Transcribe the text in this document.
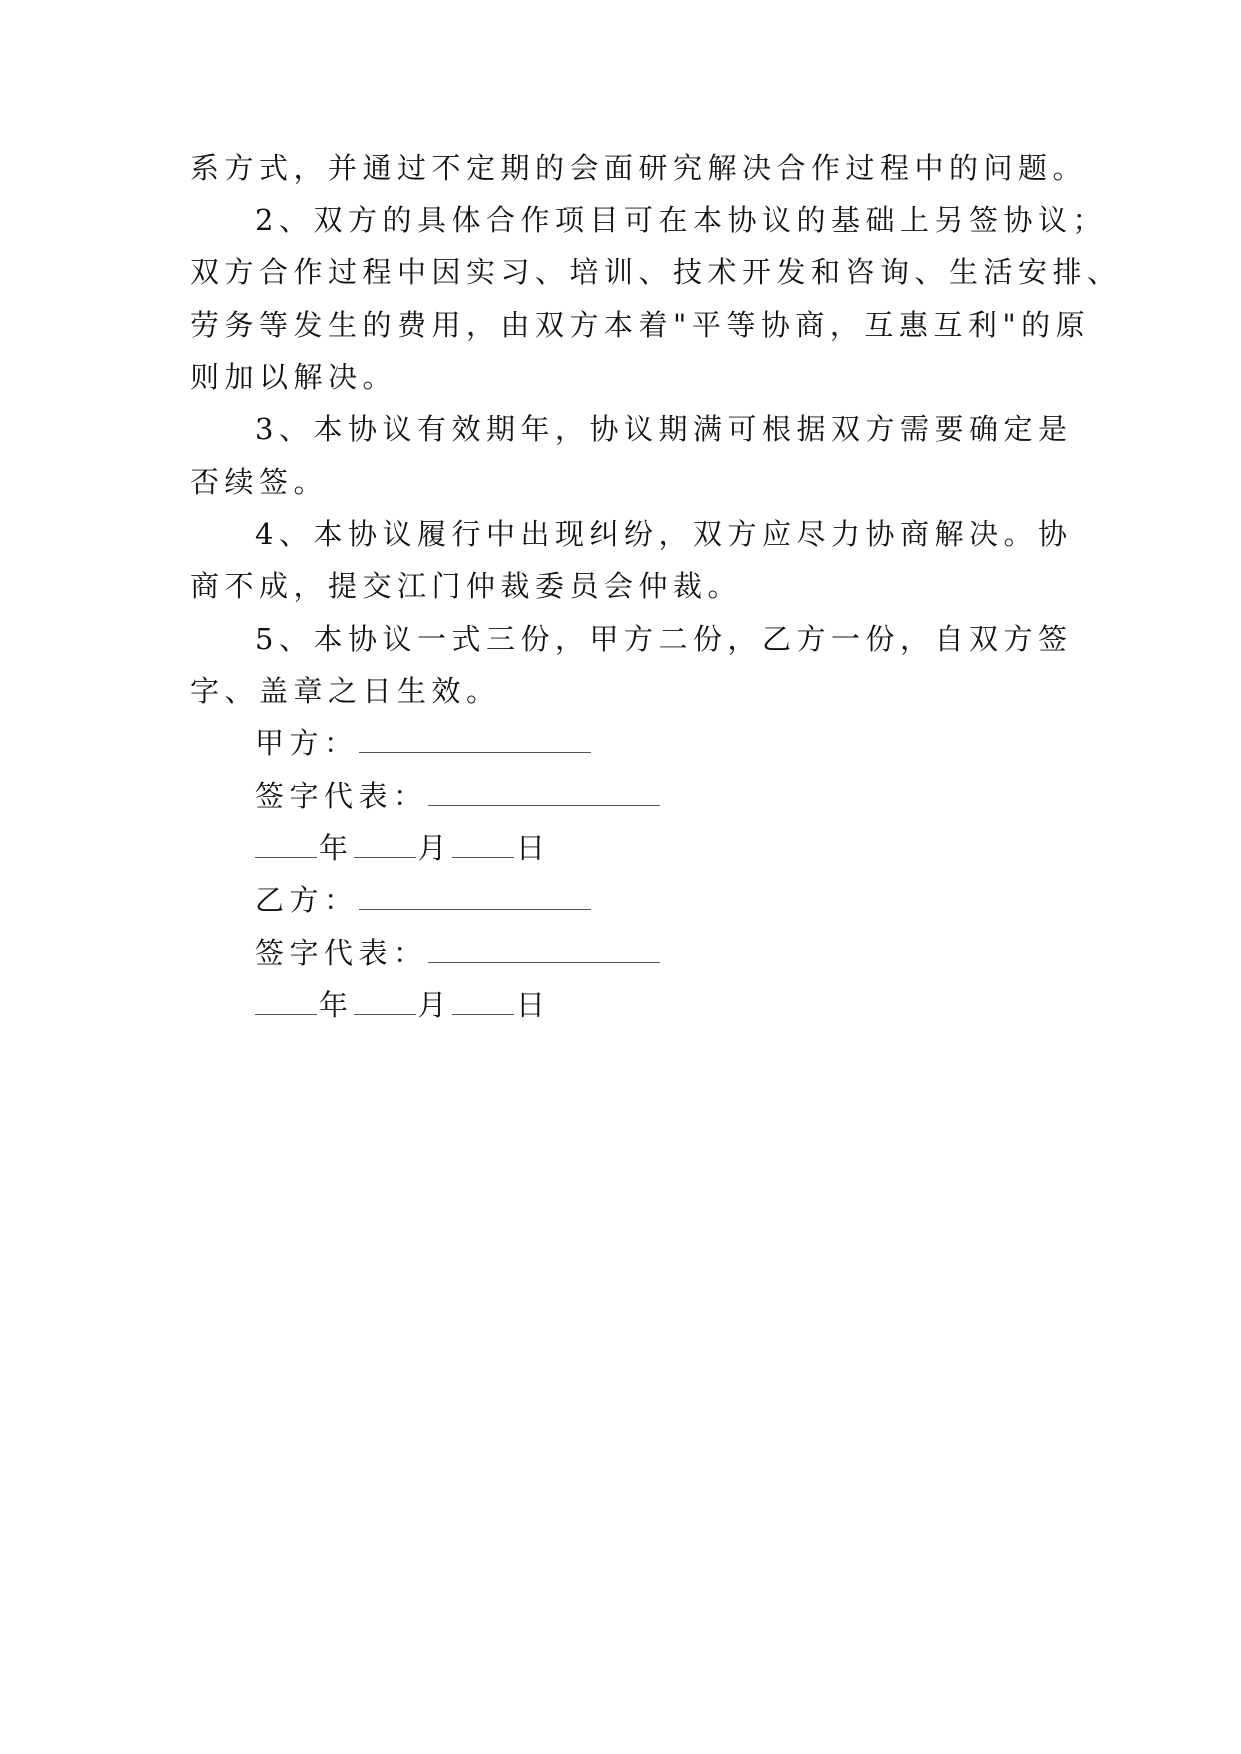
系方式，并通过不定期的会面研究解决合作过程中的问题。
2、双方的具体合作项目可在本协议的基础上另签协议；
双方合作过程中因实习、培训、技术开发和咨询、生活安排、
劳务等发生的费用，由双方本着"平等协商，互惠互利"的原
则加以解决。
3、本协议有效期年，协议期满可根据双方需要确定是
否续签。
4、本协议履行中出现纠纷，双方应尽力协商解决。协
商不成，提交江门仲裁委员会仲裁。
5、本协议一式三份，甲方二份，乙方一份，自双方签
字、盖章之日生效。
甲方：
签字代表：
年 月 日
乙方：
签字代表：
年 月 日
